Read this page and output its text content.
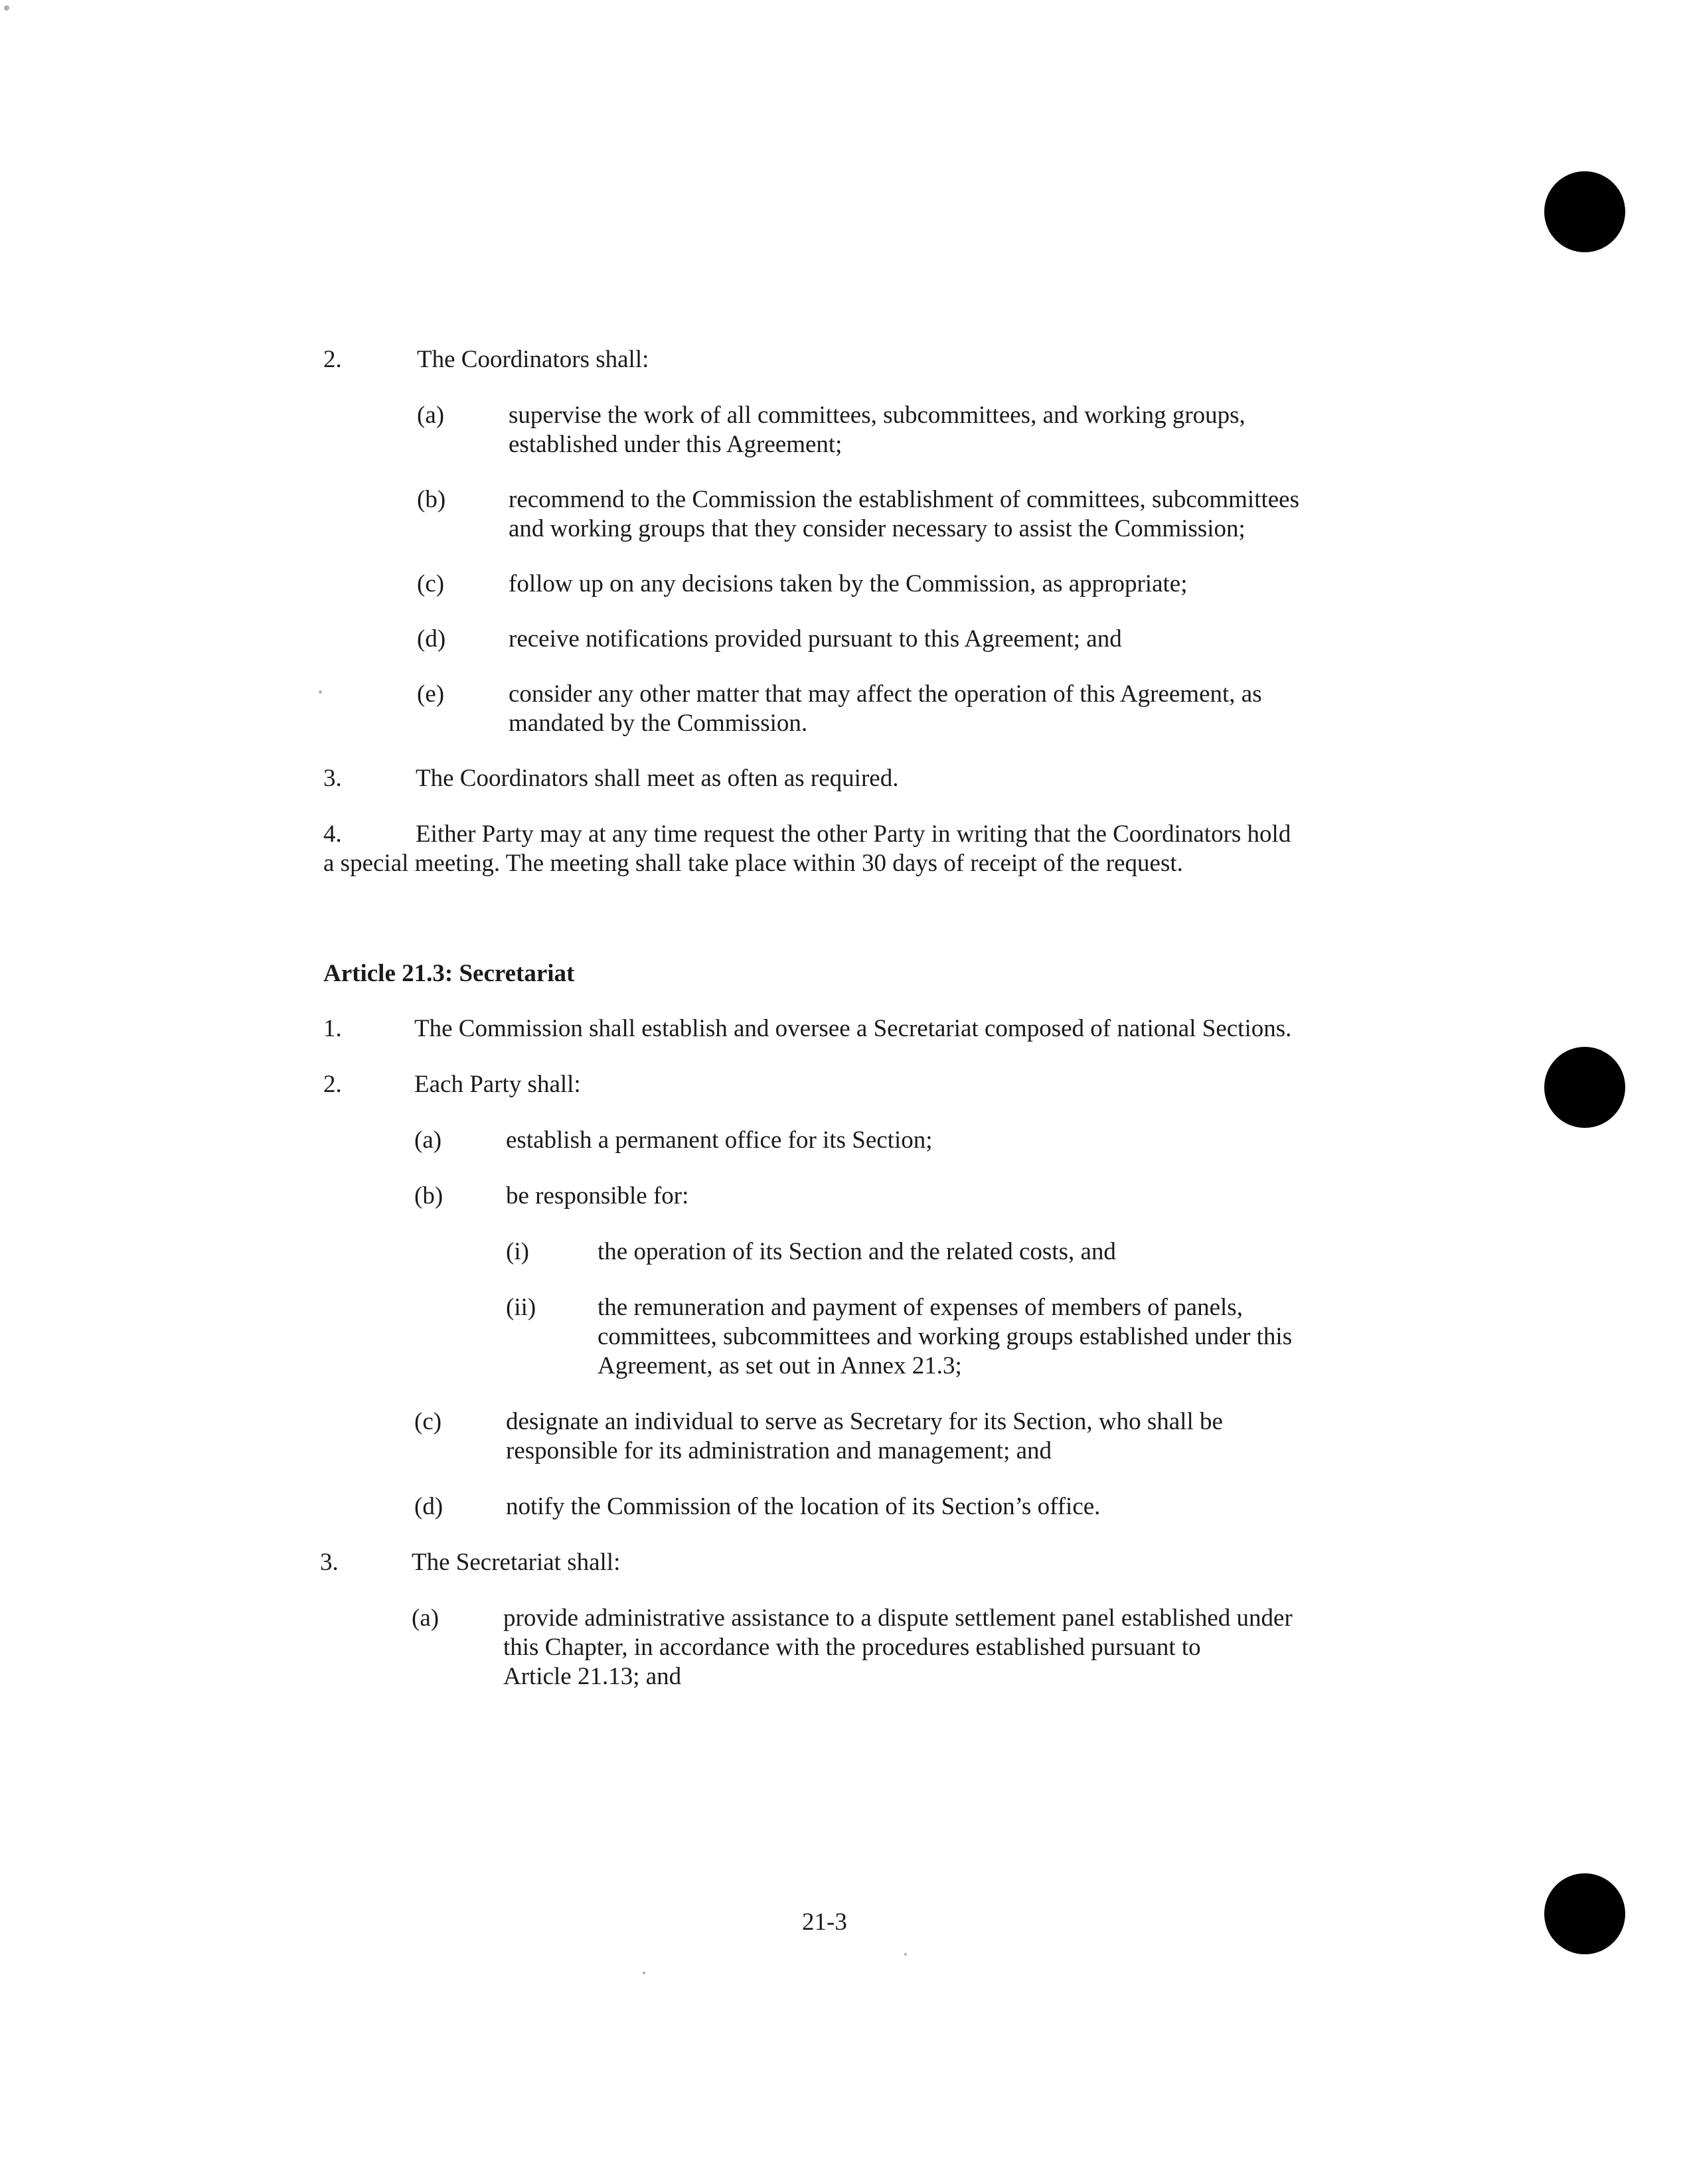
2.	The Coordinators shall:
(a)	supervise the work of all committees, subcommittees, and working groups,
established under this Agreement;
(b)	recommend to the Commission the establishment of committees, subcommittees
and working groups that they consider necessary to assist the Commission;
(c)	follow up on any decisions taken by the Commission, as appropriate;
(d)	receive notifications provided pursuant to this Agreement; and
(e)	consider any other matter that may affect the operation of this Agreement, as
mandated by the Commission.
3.	The Coordinators shall meet as often as required.
4.	Either Party may at any time request the other Party in writing that the Coordinators hold
a special meeting. The meeting shall take place within 30 days of receipt of the request.
Article 21.3: Secretariat
1.	The Commission shall establish and oversee a Secretariat composed of national Sections.
2.	Each Party shall:
(a)	establish a permanent office for its Section;
(b)	be responsible for:
(i)	the operation of its Section and the related costs, and
(ii)	the remuneration and payment of expenses of members of panels,
committees, subcommittees and working groups established under this
Agreement, as set out in Annex 21.3;
(c)	designate an individual to serve as Secretary for its Section, who shall be
responsible for its administration and management; and
(d)	notify the Commission of the location of its Section’s office.
3.	The Secretariat shall:
(a)	provide administrative assistance to a dispute settlement panel established under
this Chapter, in accordance with the procedures established pursuant to
Article 21.13; and
21-3
